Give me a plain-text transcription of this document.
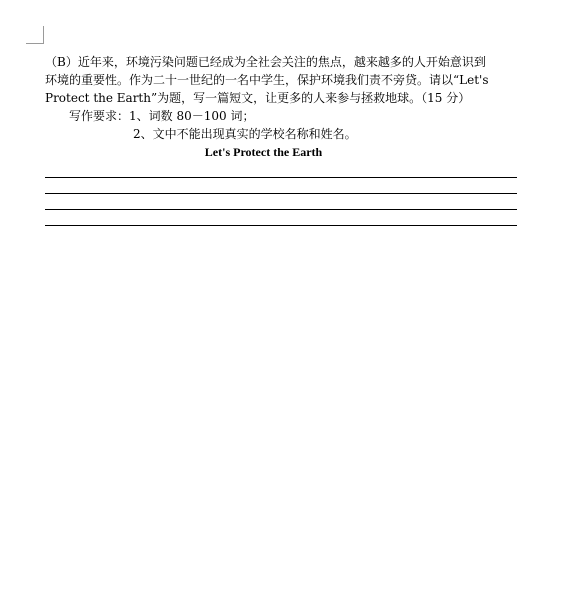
（B）近年来，环境污染问题已经成为全社会关注的焦点，越来越多的人开始意识到
环境的重要性。作为二十一世纪的一名中学生，保护环境我们责不旁贷。请以“Let's
Protect the Earth”为题，写一篇短文，让更多的人来参与拯救地球。（15 分）
写作要求：1、词数 80－100 词；
2、文中不能出现真实的学校名称和姓名。
Let's Protect the Earth
